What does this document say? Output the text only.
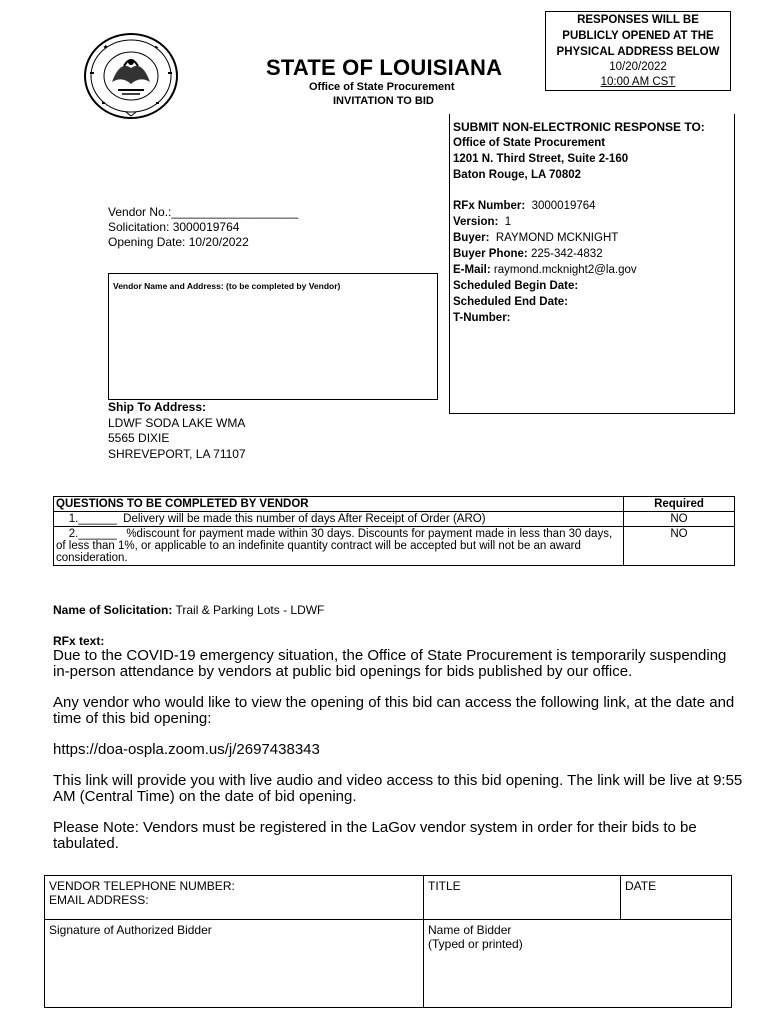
STATE OF LOUISIANA
Office of State Procurement
INVITATION TO BID
RESPONSES WILL BE
PUBLICLY OPENED AT THE
PHYSICAL ADDRESS BELOW
10/20/2022
10:00 AM CST
SUBMIT NON-ELECTRONIC RESPONSE TO:
Office of State Procurement
1201 N. Third Street, Suite 2-160
Baton Rouge, LA 70802
RFx Number: 3000019764
Version: 1
Buyer: RAYMOND MCKNIGHT
Buyer Phone: 225-342-4832
E-Mail: raymond.mcknight2@la.gov
Scheduled Begin Date:
Scheduled End Date:
T-Number:
Vendor No.:___________________
Solicitation: 3000019764
Opening Date: 10/20/2022
Vendor Name and Address: (to be completed by Vendor)
Ship To Address:
LDWF SODA LAKE WMA
5565 DIXIE
SHREVEPORT, LA 71107
QUESTIONS TO BE COMPLETED BY VENDOR	Required
1.______  Delivery will be made this number of days After Receipt of Order (ARO)	NO
2.______   %discount for payment made within 30 days. Discounts for payment made in less than 30 days, of less than 1%, or applicable to an indefinite quantity contract will be accepted but will not be an award consideration.	NO
Name of Solicitation: Trail & Parking Lots - LDWF
RFx text:

Due to the COVID-19 emergency situation, the Office of State Procurement is temporarily suspending in-person attendance by vendors at public bid openings for bids published by our office.

Any vendor who would like to view the opening of this bid can access the following link, at the date and time of this bid opening:

https://doa-ospla.zoom.us/j/2697438343

This link will provide you with live audio and video access to this bid opening. The link will be live at 9:55 AM (Central Time) on the date of bid opening.

Please Note: Vendors must be registered in the LaGov vendor system in order for their bids to be tabulated.

VENDOR TELEPHONE NUMBER:
EMAIL ADDRESS:	TITLE	DATE

Signature of Authorized Bidder	Name of Bidder
(Typed or printed)	
